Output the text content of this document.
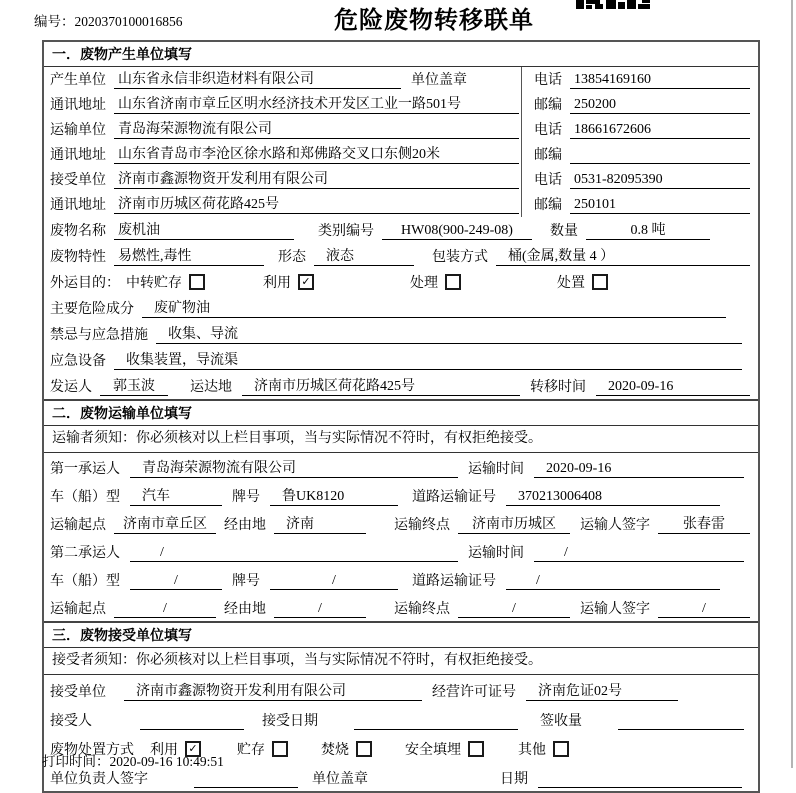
编号：2020370100016856	危险废物转移联单
一．废物产生单位填写
产生单位 山东省永信非织造材料有限公司	单位盖章	电话 13854169160
通讯地址 山东省济南市章丘区明水经济技术开发区工业一路501号	邮编 250200
运输单位 青岛海荣源物流有限公司	电话 18661672606
通讯地址 山东省青岛市李沧区徐水路和郑佛路交叉口东侧20米	邮编
接受单位 济南市鑫源物资开发利用有限公司	电话 0531-82095390
通讯地址 济南市历城区荷花路425号	邮编 250101
废物名称 废机油	类别编号	HW08(900-249-08)	数量	0.8 吨
废物特性 易燃性,毒性	形态	液态	包装方式	桶(金属,数量 4 ）
外运目的： 中转贮存	利用 ✓	处理	处置
主要危险成分	废矿物油
禁忌与应急措施	收集、导流
应急设备	收集装置，导流渠
发运人	郭玉波	运达地	济南市历城区荷花路425号	转移时间	2020-09-16
二．废物运输单位填写
运输者须知：你必须核对以上栏目事项，当与实际情况不符时，有权拒绝接受。
第一承运人	青岛海荣源物流有限公司	运输时间	2020-09-16
车（船）型	汽车	牌号	鲁UK8120	道路运输证号	370213006408
运输起点	济南市章丘区	经由地	济南	运输终点	济南市历城区	运输人签字	张春雷
第二承运人	/	运输时间	/
车（船）型	/	牌号	/	道路运输证号	/
运输起点	/	经由地	/	运输终点	/	运输人签字	/
三．废物接受单位填写
接受者须知：你必须核对以上栏目事项，当与实际情况不符时，有权拒绝接受。
接受单位	济南市鑫源物资开发利用有限公司	经营许可证号	济南危证02号
接受人	接受日期	签收量
废物处置方式 利用 ✓	贮存	焚烧	安全填埋	其他
单位负责人签字	单位盖章	日期
打印时间：2020-09-16 10:49:51
